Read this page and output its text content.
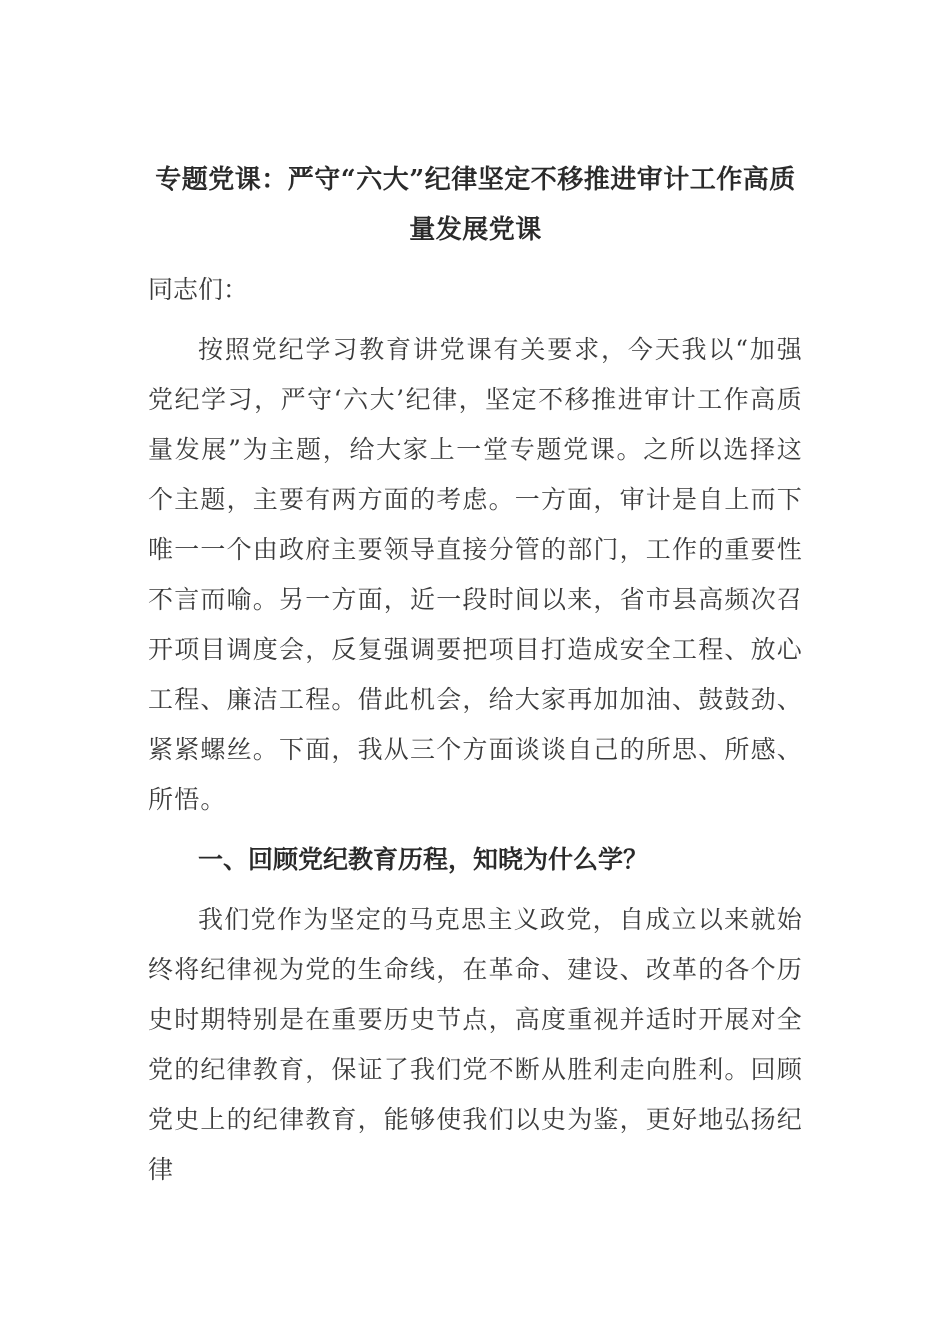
专题党课：严守“六大”纪律坚定不移推进审计工作高质量发展党课
同志们：
按照党纪学习教育讲党课有关要求，今天我以“加强党纪学习，严守‘六大’纪律，坚定不移推进审计工作高质量发展”为主题，给大家上一堂专题党课。之所以选择这个主题，主要有两方面的考虑。一方面，审计是自上而下唯一一个由政府主要领导直接分管的部门，工作的重要性不言而喻。另一方面，近一段时间以来，省市县高频次召开项目调度会，反复强调要把项目打造成安全工程、放心工程、廉洁工程。借此机会，给大家再加加油、鼓鼓劲、紧紧螺丝。下面，我从三个方面谈谈自己的所思、所感、所悟。
一、回顾党纪教育历程，知晓为什么学？
我们党作为坚定的马克思主义政党，自成立以来就始终将纪律视为党的生命线，在革命、建设、改革的各个历史时期特别是在重要历史节点，高度重视并适时开展对全党的纪律教育，保证了我们党不断从胜利走向胜利。回顾党史上的纪律教育，能够使我们以史为鉴，更好地弘扬纪律
